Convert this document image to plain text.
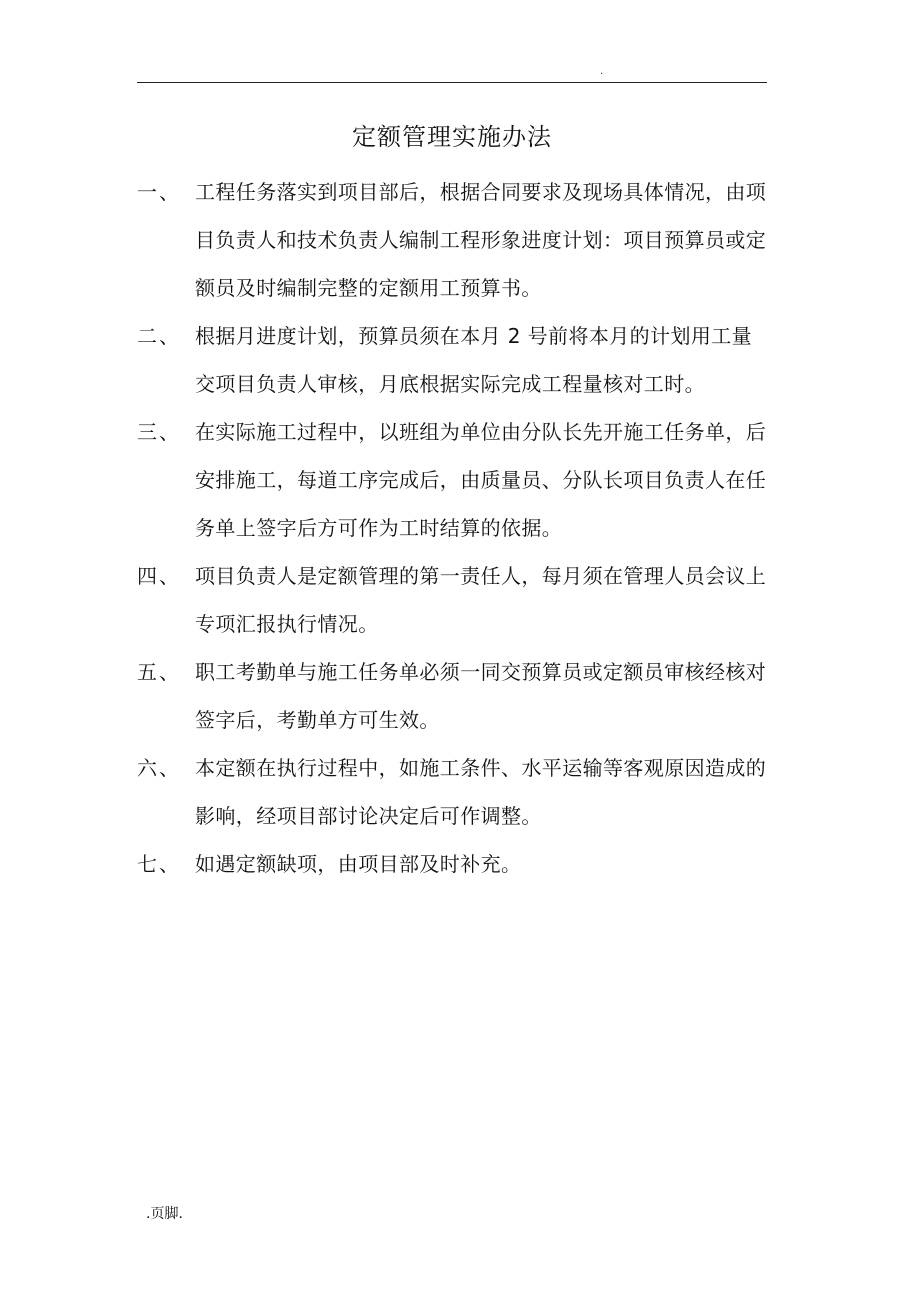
.
定额管理实施办法
一、 工程任务落实到项目部后，根据合同要求及现场具体情况，由项目负责人和技术负责人编制工程形象进度计划：项目预算员或定额员及时编制完整的定额用工预算书。
二、 根据月进度计划，预算员须在本月 2 号前将本月的计划用工量交项目负责人审核，月底根据实际完成工程量核对工时。
三、 在实际施工过程中，以班组为单位由分队长先开施工任务单，后安排施工，每道工序完成后，由质量员、分队长项目负责人在任务单上签字后方可作为工时结算的依据。
四、 项目负责人是定额管理的第一责任人，每月须在管理人员会议上专项汇报执行情况。
五、 职工考勤单与施工任务单必须一同交预算员或定额员审核经核对签字后，考勤单方可生效。
六、 本定额在执行过程中，如施工条件、水平运输等客观原因造成的影响，经项目部讨论决定后可作调整。
七、 如遇定额缺项，由项目部及时补充。
.页脚.
